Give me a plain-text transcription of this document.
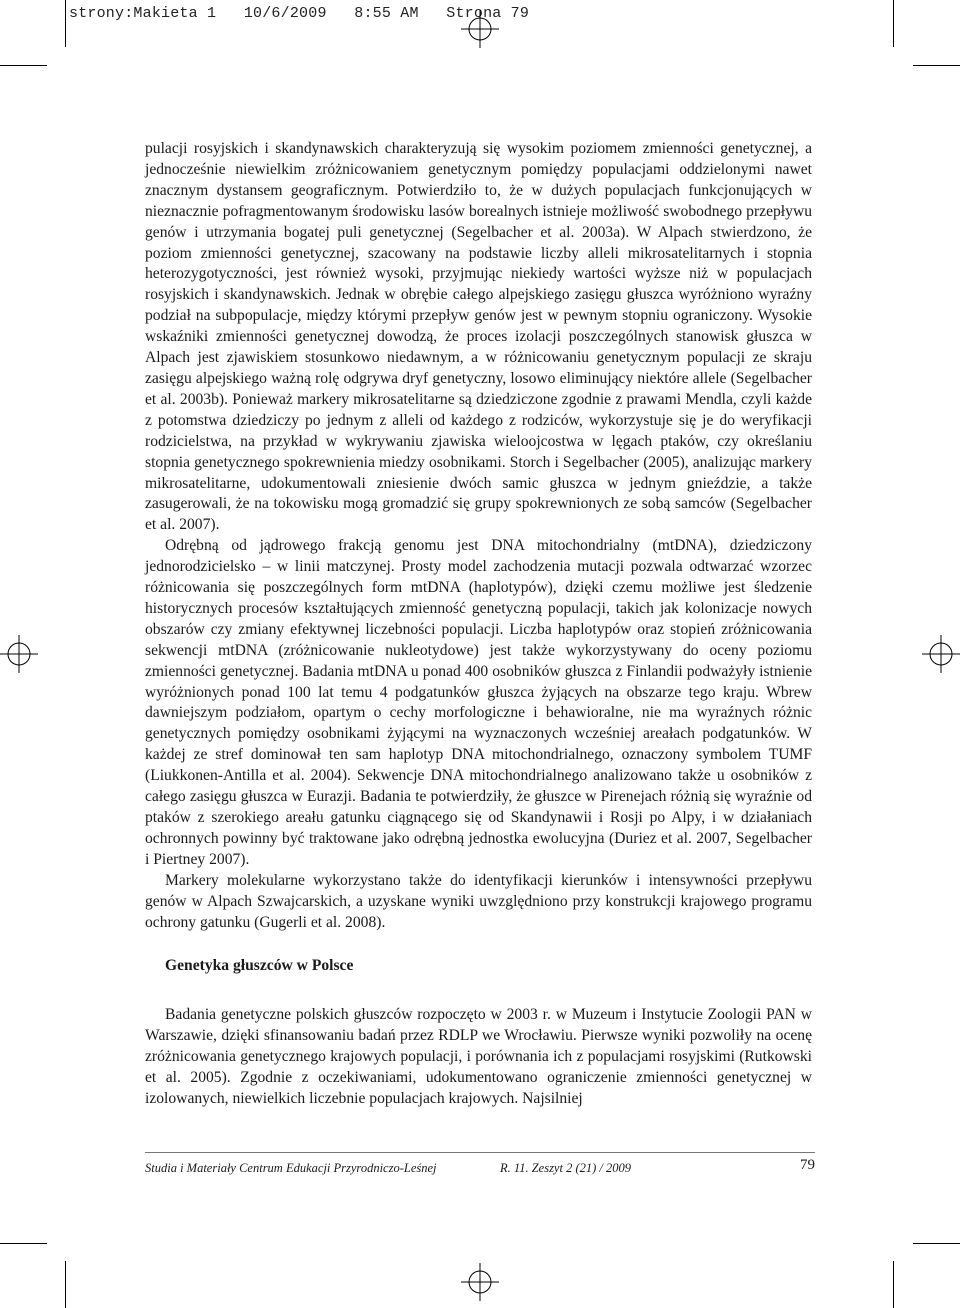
strony:Makieta 1   10/6/2009   8:55 AM   Strona 79

pulacji rosyjskich i skandynawskich charakteryzują się wysokim poziomem zmienności genetycznej, a jednocześnie niewielkim zróżnicowaniem genetycznym pomiędzy populacjami oddzielonymi nawet znacznym dystansem geograficznym. Potwierdziło to, że w dużych populacjach funkcjonujących w nieznacznie pofragmentowanym środowisku lasów borealnych istnieje możliwość swobodnego przepływu genów i utrzymania bogatej puli genetycznej (Segelbacher et al. 2003a). W Alpach stwierdzono, że poziom zmienności genetycznej, szacowany na podstawie liczby alleli mikrosatelitarnych i stopnia heterozygotyczności, jest również wysoki, przyjmując niekiedy wartości wyższe niż w populacjach rosyjskich i skandynawskich. Jednak w obrębie całego alpejskiego zasięgu głuszca wyróżniono wyraźny podział na subpopulacje, między którymi przepływ genów jest w pewnym stopniu ograniczony. Wysokie wskaźniki zmienności genetycznej dowodzą, że proces izolacji poszczególnych stanowisk głuszca w Alpach jest zjawiskiem stosunkowo niedawnym, a w różnicowaniu genetycznym populacji ze skraju zasięgu alpejskiego ważną rolę odgrywa dryf genetyczny, losowo eliminujący niektóre allele (Segelbacher et al. 2003b). Ponieważ markery mikrosatelitarne są dziedziczone zgodnie z prawami Mendla, czyli każde z potomstwa dziedziczy po jednym z alleli od każdego z rodziców, wykorzystuje się je do weryfikacji rodzicielstwa, na przykład w wykrywaniu zjawiska wieloojcostwa w lęgach ptaków, czy określaniu stopnia genetycznego spokrewnienia miedzy osobnikami. Storch i Segelbacher (2005), analizując markery mikrosatelitarne, udokumentowali zniesienie dwóch samic głuszca w jednym gnieździe, a także zasugerowali, że na tokowisku mogą gromadzić się grupy spokrewnionych ze sobą samców (Segelbacher et al. 2007).

Odrębną od jądrowego frakcją genomu jest DNA mitochondrialny (mtDNA), dziedziczony jednorodzicielsko – w linii matczynej. Prosty model zachodzenia mutacji pozwala odtwarzać wzorzec różnicowania się poszczególnych form mtDNA (haplotypów), dzięki czemu możliwe jest śledzenie historycznych procesów kształtujących zmienność genetyczną populacji, takich jak kolonizacje nowych obszarów czy zmiany efektywnej liczebności populacji. Liczba haplotypów oraz stopień zróżnicowania sekwencji mtDNA (zróżnicowanie nukleotydowe) jest także wykorzystywany do oceny poziomu zmienności genetycznej. Badania mtDNA u ponad 400 osobników głuszca z Finlandii podważyły istnienie wyróżnionych ponad 100 lat temu 4 podgatunków głuszca żyjących na obszarze tego kraju. Wbrew dawniejszym podziałom, opartym o cechy morfologiczne i behawioralne, nie ma wyraźnych różnic genetycznych pomiędzy osobnikami żyjącymi na wyznaczonych wcześniej areałach podgatunków. W każdej ze stref dominował ten sam haplotyp DNA mitochondrialnego, oznaczony symbolem TUMF (Liukkonen-Antilla et al. 2004). Sekwencje DNA mitochondrialnego analizowano także u osobników z całego zasięgu głuszca w Eurazji. Badania te potwierdziły, że głuszce w Pirenejach różnią się wyraźnie od ptaków z szerokiego areału gatunku ciągnącego się od Skandynawii i Rosji po Alpy, i w działaniach ochronnych powinny być traktowane jako odrębną jednostka ewolucyjna (Duriez et al. 2007, Segelbacher i Piertney 2007).

Markery molekularne wykorzystano także do identyfikacji kierunków i intensywności przepływu genów w Alpach Szwajcarskich, a uzyskane wyniki uwzględniono przy konstrukcji krajowego programu ochrony gatunku (Gugerli et al. 2008).

Genetyka głuszców w Polsce

Badania genetyczne polskich głuszców rozpoczęto w 2003 r. w Muzeum i Instytucie Zoologii PAN w Warszawie, dzięki sfinansowaniu badań przez RDLP we Wrocławiu. Pierwsze wyniki pozwoliły na ocenę zróżnicowania genetycznego krajowych populacji, i porównania ich z populacjami rosyjskimi (Rutkowski et al. 2005). Zgodnie z oczekiwaniami, udokumentowano ograniczenie zmienności genetycznej w izolowanych, niewielkich liczebnie populacjach krajowych. Najsilniej

Studia i Materiały Centrum Edukacji Przyrodniczo-Leśnej	R. 11. Zeszyt 2 (21) / 2009	79
